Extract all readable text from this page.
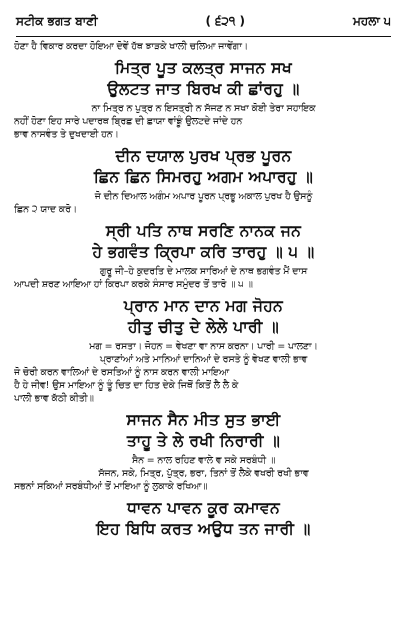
ਸਟੀਕ ਭਗਤ ਬਾਣੀ	( ੬੨੧ )	ਮਹਲਾ ੫

ਹੋਣਾ ਹੈ ਵਿਕਾਰ ਕਰਦਾ ਹੋਇਆ ਦੋਵੇਂ ਹੱਥ ਝਾੜਕੇ ਖਾਲੀ ਚਲਿਆ ਜਾਵੇਂਗਾ।

ਮਿਤ੍ਰ ਪੂਤ ਕਲਤ੍ਰ ਸਾਜਨ ਸਖ

ਉਲਟਤ ਜਾਤ ਬਿਰਖ ਕੀ ਛਾਂਰਹੁ ॥

ਨਾ ਮਿਤ੍ਰ ਨ ਪੁਤ੍ਰ ਨ ਇਸਤ੍ਰੀ ਨ ਸੱਜਣ ਨ ਸਖਾ ਕੋਈ ਤੇਰਾ ਸਹਾਇਕ

ਨਹੀਂ ਹੋਣਾ ਇਹ ਸਾਰੇ ਪਦਾਰਥ ਬ੍ਰਿਛ ਦੀ ਛਾਯਾ ਵਾਂਙੂੰ ਉਲਟਦੇ ਜਾਂਦੇ ਹਨ

ਭਾਵ ਨਾਸਵੰਤ ਤੇ ਦੁਖਦਾਈ ਹਨ।

ਦੀਨ ਦਯਾਲ ਪੁਰਖ ਪ੍ਰਭ ਪੂਰਨ

ਛਿਨ ਛਿਨ ਸਿਮਰਹੁ ਅਗਮ ਅਪਾਰਹੁ ॥

ਜੋ ਦੀਨ ਦਿਆਲ ਅਗੰਮ ਅਪਾਰ ਪੂਰਨ ਪ੍ਰਭੂ ਅਕਾਲ ਪੁਰਖ ਹੈ ਉਸਨੂੰ

ਛਿਨ ੨ ਯਾਦ ਕਰੋ।

ਸ੍ਰੀ ਪਤਿ ਨਾਥ ਸਰਣਿ ਨਾਨਕ ਜਨ

ਹੇ ਭਗਵੰਤ ਕ੍ਰਿਪਾ ਕਰਿ ਤਾਰਹੁ ॥ ੫ ॥

ਗੁਰੂ ਜੀ–ਹੇ ਕੁਦਰਤਿ ਦੇ ਮਾਲਕ ਸਾਰਿਆਂ ਦੇ ਨਾਥ ਭਗਵੰਤ ਮੈਂ ਦਾਸ

ਆਪਦੀ ਸ਼ਰਣ ਆਇਆ ਹਾਂ ਕਿਰਪਾ ਕਰਕੇ ਸੰਸਾਰ ਸਮੁੰਦਰ ਤੋਂ ਤਾਰੋ ॥ ੫ ॥

ਪ੍ਰਾਨ ਮਾਨ ਦਾਨ ਮਗ ਜੋਹਨ

ਹੀਤੁ ਚੀਤੁ ਦੇ ਲੇਲੇ ਪਾਰੀ ॥

ਮਗ = ਰਸਤਾ। ਜੋਹਨ = ਵੇਖਣਾ ਵਾ ਨਾਸ ਕਰਨਾ। ਪਾਰੀ = ਪਾਲਣਾ।

ਪ੍ਰਾਣਾਂਆਂ ਅਤੇ ਮਾਨਿਆਂ ਦਾਨਿਆਂ ਦੇ ਰਸਤੇ ਨੂੰ ਵੇਖਣ ਵਾਲੀ ਭਾਵ

ਜੋ ਚੋਰੀ ਕਰਨ ਵਾਲਿਆਂ ਦੇ ਰਸਤਿਆਂ ਨੂੰ ਨਾਸ ਕਰਨ ਵਾਲੀ ਮਾਇਆ

ਹੈ ਹੇ ਜੀਵ! ਉਸ ਮਾਇਆ ਨੂੰ ਤੂੰ ਚਿਤ ਦਾ ਹਿਤ ਦੇਕੇ ਜਿਥੋਂ ਕਿਤੋਂ ਲੈ ਲੈ ਕੇ

ਪਾਲੀ ਭਾਵ ਕੱਠੀ ਕੀਤੀ॥

ਸਾਜਨ ਸੈਨ ਮੀਤ ਸੁਤ ਭਾਈ

ਤਾਹੂ ਤੇ ਲੇ ਰਖੀ ਨਿਰਾਰੀ ॥

ਸੈਨ = ਨਾਲ ਰਹਿਣ ਵਾਲੇ ਵ ਸਕੇ ਸਰਬੰਧੀ ॥

ਸੱਜਨ, ਸਕੇ, ਮਿਤ੍ਰ, ਪੁੱਤ੍ਰ, ਭਰਾ, ਤਿਨਾਂ ਤੋਂ ਲੈਕੇ ਵਖਰੀ ਰਖੀ ਭਾਵ

ਸਭਨਾਂ ਸਕਿਆਂ ਸਰਬੰਧੀਆਂ ਤੋਂ ਮਾਇਆ ਨੂੰ ਲੁਕਾਕੇ ਰਖਿਆ॥

ਧਾਵਨ ਪਾਵਨ ਕੂਰ ਕਮਾਵਨ

ਇਹ ਬਿਧਿ ਕਰਤ ਅਉਧ ਤਨ ਜਾਰੀ ॥
